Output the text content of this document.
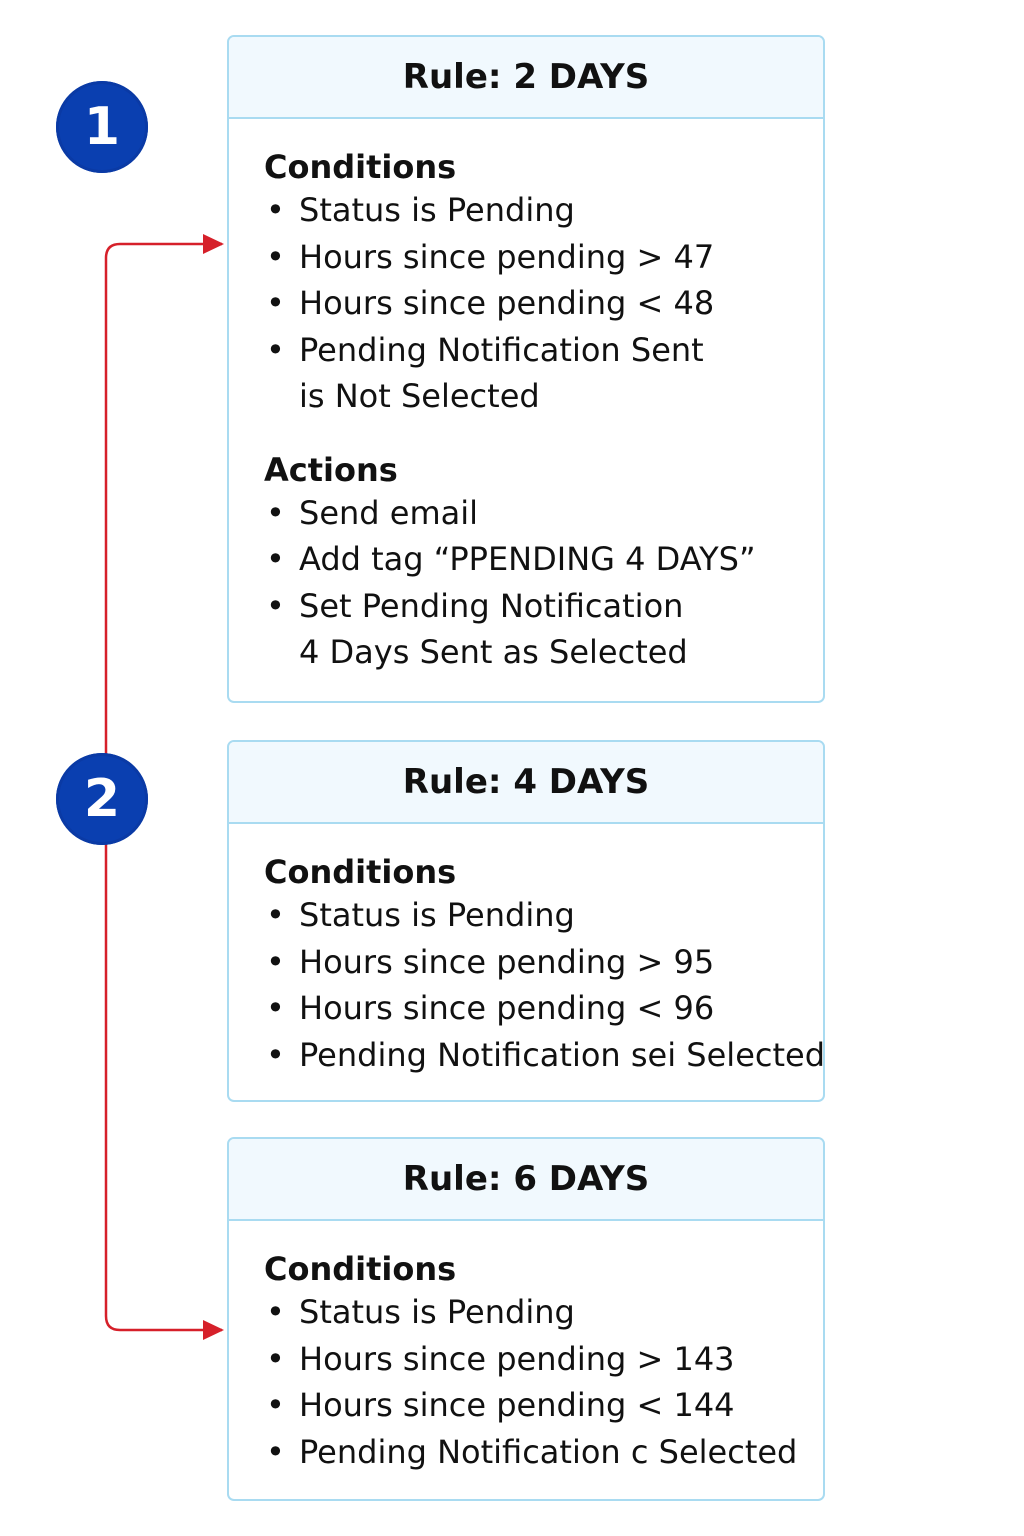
1
2
Rule: 2 DAYS
Conditions
• Status is Pending
• Hours since pending > 47
• Hours since pending < 48
• Pending Notification Sent
is Not Selected
Actions
• Send email
• Add tag “PPENDING 4 DAYS”
• Set Pending Notification
4 Days Sent as Selected
Rule: 4 DAYS
Conditions
• Status is Pending
• Hours since pending > 95
• Hours since pending < 96
• Pending Notification sei Selected
Rule: 6 DAYS
Conditions
• Status is Pending
• Hours since pending > 143
• Hours since pending < 144
• Pending Notification c Selected
